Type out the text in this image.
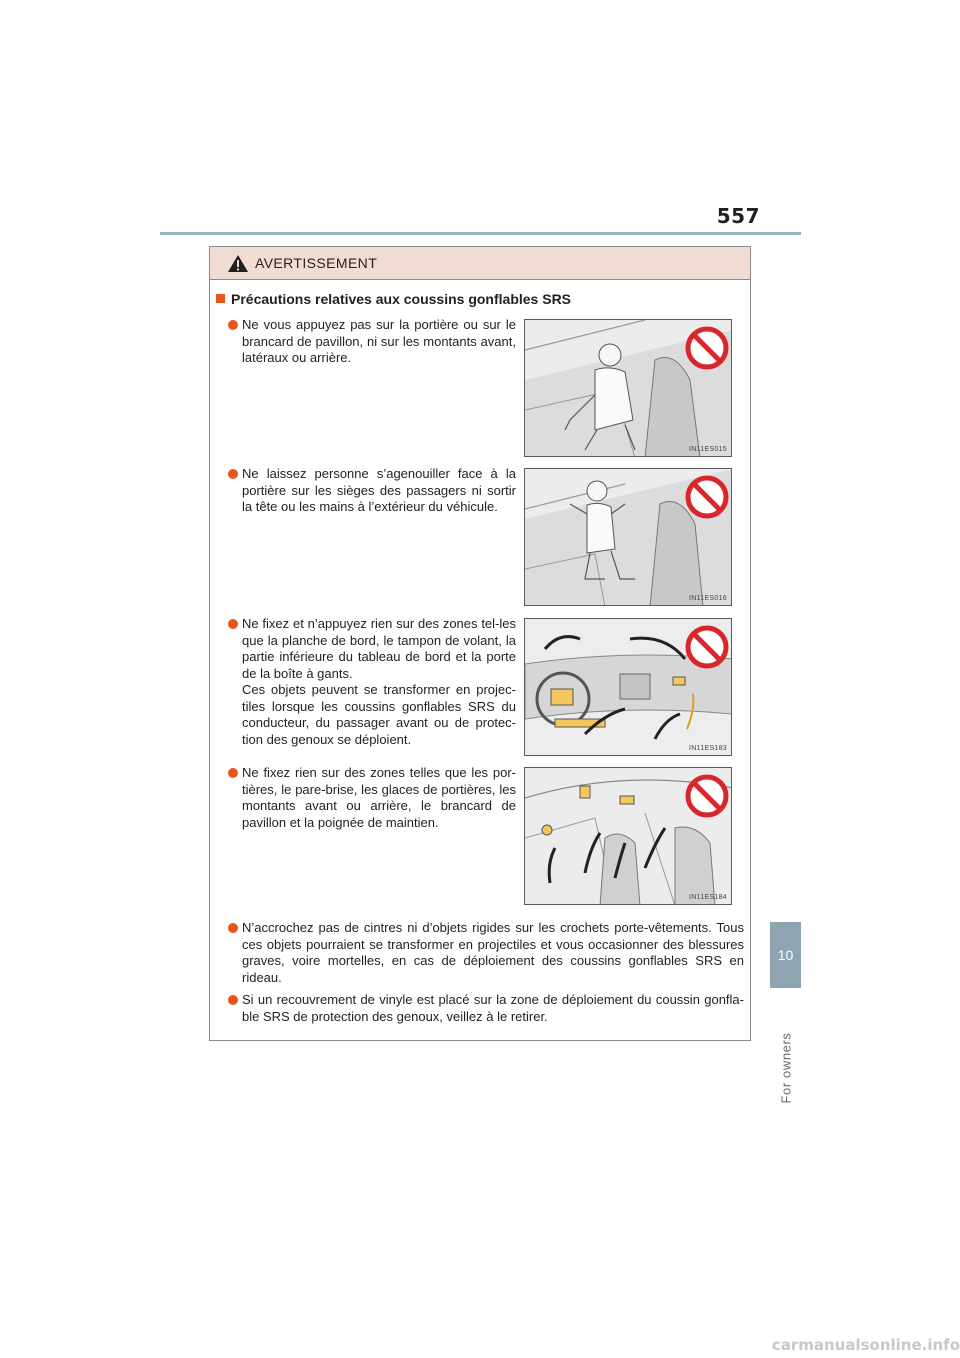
557
10
For owners
AVERTISSEMENT
Précautions relatives aux coussins gonflables SRS
Ne vous appuyez pas sur la portière ou sur le brancard de pavillon, ni sur les montants avant, latéraux ou arrière.
IN11ES015
Ne laissez personne s’agenouiller face à la portière sur les sièges des passagers ni sortir la tête ou les mains à l’extérieur du véhicule.
IN11ES016
Ne fixez et n’appuyez rien sur des zones tel-les que la planche de bord, le tampon de volant, la partie inférieure du tableau de bord et la porte de la boîte à gants.
Ces objets peuvent se transformer en projec-tiles lorsque les coussins gonflables SRS du conducteur, du passager avant ou de protec-tion des genoux se déploient.
IN11ES183
Ne fixez rien sur des zones telles que les por-tières, le pare-brise, les glaces de portières, les montants avant ou arrière, le brancard de pavillon et la poignée de maintien.
IN11ES184
N’accrochez pas de cintres ni d’objets rigides sur les crochets porte-vêtements. Tous ces objets pourraient se transformer en projectiles et vous occasionner des blessures graves, voire mortelles, en cas de déploiement des coussins gonflables SRS en rideau.
Si un recouvrement de vinyle est placé sur la zone de déploiement du coussin gonfla-ble SRS de protection des genoux, veillez à le retirer.
carmanualsonline.info
